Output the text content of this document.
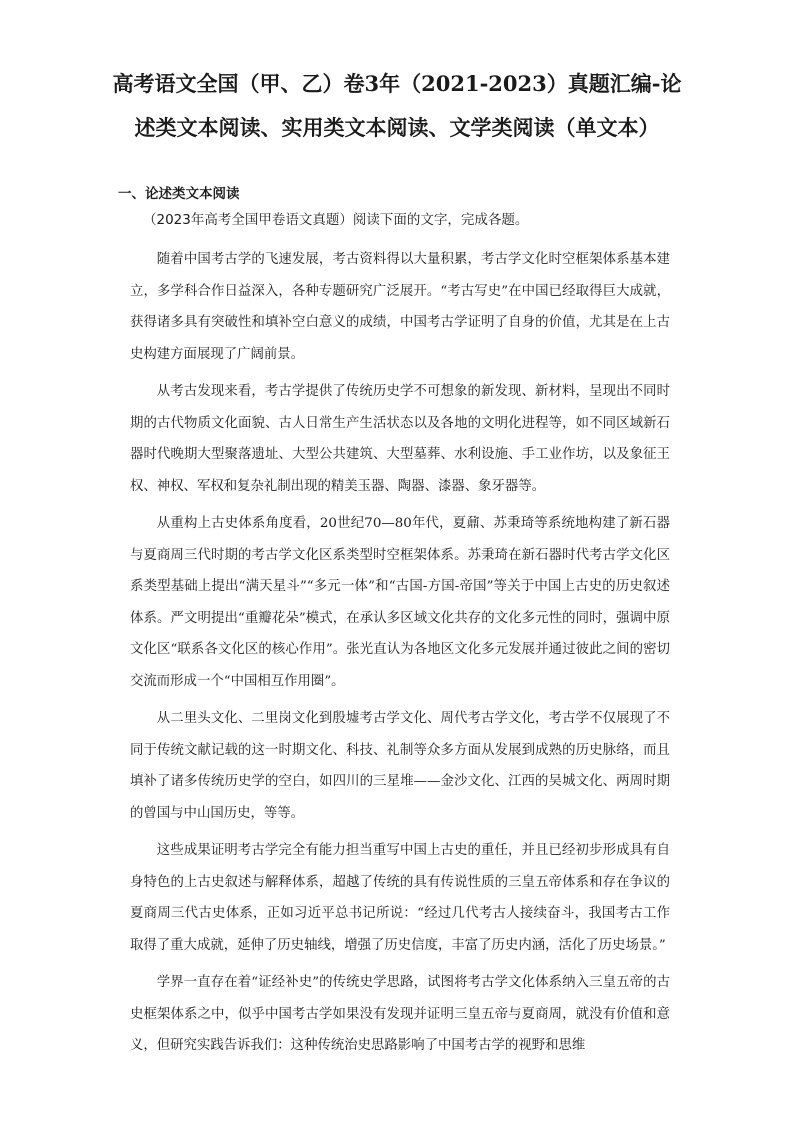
高考语文全国（甲、乙）卷3年（2021-2023）真题汇编-论
述类文本阅读、实用类文本阅读、文学类阅读（单文本）
一、论述类文本阅读
（2023年高考全国甲卷语文真题）阅读下面的文字，完成各题。

随着中国考古学的飞速发展，考古资料得以大量积累，考古学文化时空框架体系基本建立，多学科合作日益深入，各种专题研究广泛展开。“考古写史”在中国已经取得巨大成就，获得诸多具有突破性和填补空白意义的成绩，中国考古学证明了自身的价值，尤其是在上古史构建方面展现了广阔前景。

从考古发现来看，考古学提供了传统历史学不可想象的新发现、新材料，呈现出不同时期的古代物质文化面貌、古人日常生产生活状态以及各地的文明化进程等，如不同区域新石器时代晚期大型聚落遗址、大型公共建筑、大型墓葬、水利设施、手工业作坊，以及象征王权、神权、军权和复杂礼制出现的精美玉器、陶器、漆器、象牙器等。

从重构上古史体系角度看，20世纪70—80年代，夏鼐、苏秉琦等系统地构建了新石器与夏商周三代时期的考古学文化区系类型时空框架体系。苏秉琦在新石器时代考古学文化区系类型基础上提出“满天星斗”“多元一体”和“古国-方国-帝国”等关于中国上古史的历史叙述体系。严文明提出“重瓣花朵”模式，在承认多区域文化共存的文化多元性的同时，强调中原文化区“联系各文化区的核心作用”。张光直认为各地区文化多元发展并通过彼此之间的密切交流而形成一个“中国相互作用圈”。

从二里头文化、二里岗文化到殷墟考古学文化、周代考古学文化，考古学不仅展现了不同于传统文献记载的这一时期文化、科技、礼制等众多方面从发展到成熟的历史脉络，而且填补了诸多传统历史学的空白，如四川的三星堆——金沙文化、江西的吴城文化、两周时期的曾国与中山国历史，等等。

这些成果证明考古学完全有能力担当重写中国上古史的重任，并且已经初步形成具有自身特色的上古史叙述与解释体系，超越了传统的具有传说性质的三皇五帝体系和存在争议的夏商周三代古史体系，正如习近平总书记所说：“经过几代考古人接续奋斗，我国考古工作取得了重大成就，延伸了历史轴线，增强了历史信度，丰富了历史内涵，活化了历史场景。”

学界一直存在着“证经补史”的传统史学思路，试图将考古学文化体系纳入三皇五帝的古史框架体系之中，似乎中国考古学如果没有发现并证明三皇五帝与夏商周，就没有价值和意义，但研究实践告诉我们：这种传统治史思路影响了中国考古学的视野和思维
